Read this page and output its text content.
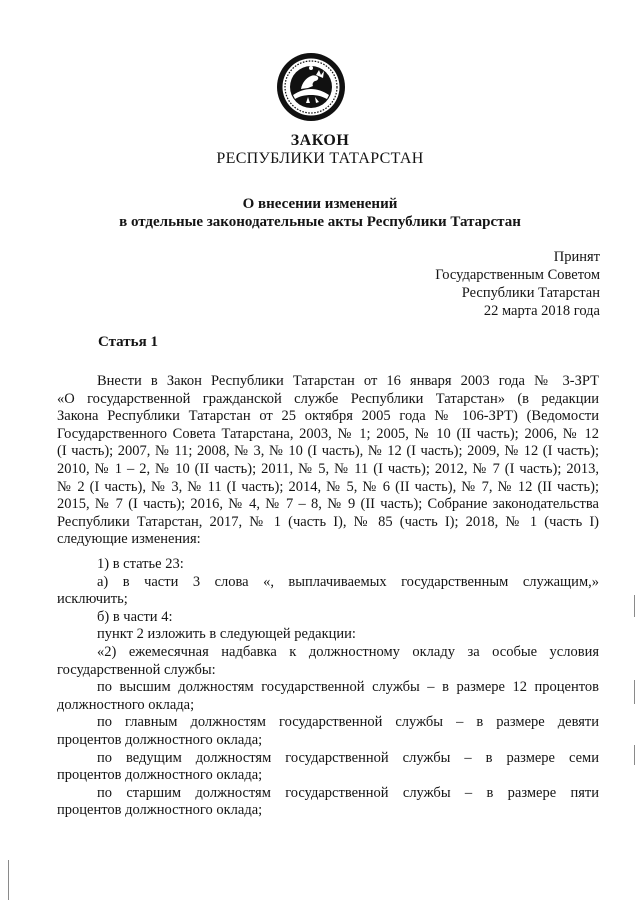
ЗАКОН
РЕСПУБЛИКИ ТАТАРСТАН
О внесении изменений
в отдельные законодательные акты Республики Татарстан
Принят
Государственным Советом
Республики Татарстан
22 марта 2018 года
Статья 1
Внести в Закон Республики Татарстан от 16 января 2003 года № 3-ЗРТ
«О государственной гражданской службе Республики Татарстан» (в редакции
Закона Республики Татарстан от 25 октября 2005 года № 106-ЗРТ) (Ведомости
Государственного Совета Татарстана, 2003, № 1; 2005, № 10 (II часть); 2006, № 12
(I часть); 2007, № 11; 2008, № 3, № 10 (I часть), № 12 (I часть); 2009, № 12 (I часть);
2010, № 1 – 2, № 10 (II часть); 2011, № 5, № 11 (I часть); 2012, № 7 (I часть); 2013,
№ 2 (I часть), № 3, № 11 (I часть); 2014, № 5, № 6 (II часть), № 7, № 12 (II часть);
2015, № 7 (I часть); 2016, № 4, № 7 – 8, № 9 (II часть); Собрание законодательства
Республики Татарстан, 2017, № 1 (часть I), № 85 (часть I); 2018, № 1 (часть I)
следующие изменения:
1) в статье 23:
а) в части 3 слова «, выплачиваемых государственным служащим,»
исключить;
б) в части 4:
пункт 2 изложить в следующей редакции:
«2) ежемесячная надбавка к должностному окладу за особые условия
государственной службы:
по высшим должностям государственной службы – в размере 12 процентов
должностного оклада;
по главным должностям государственной службы – в размере девяти
процентов должностного оклада;
по ведущим должностям государственной службы – в размере семи
процентов должностного оклада;
по старшим должностям государственной службы – в размере пяти
процентов должностного оклада;
